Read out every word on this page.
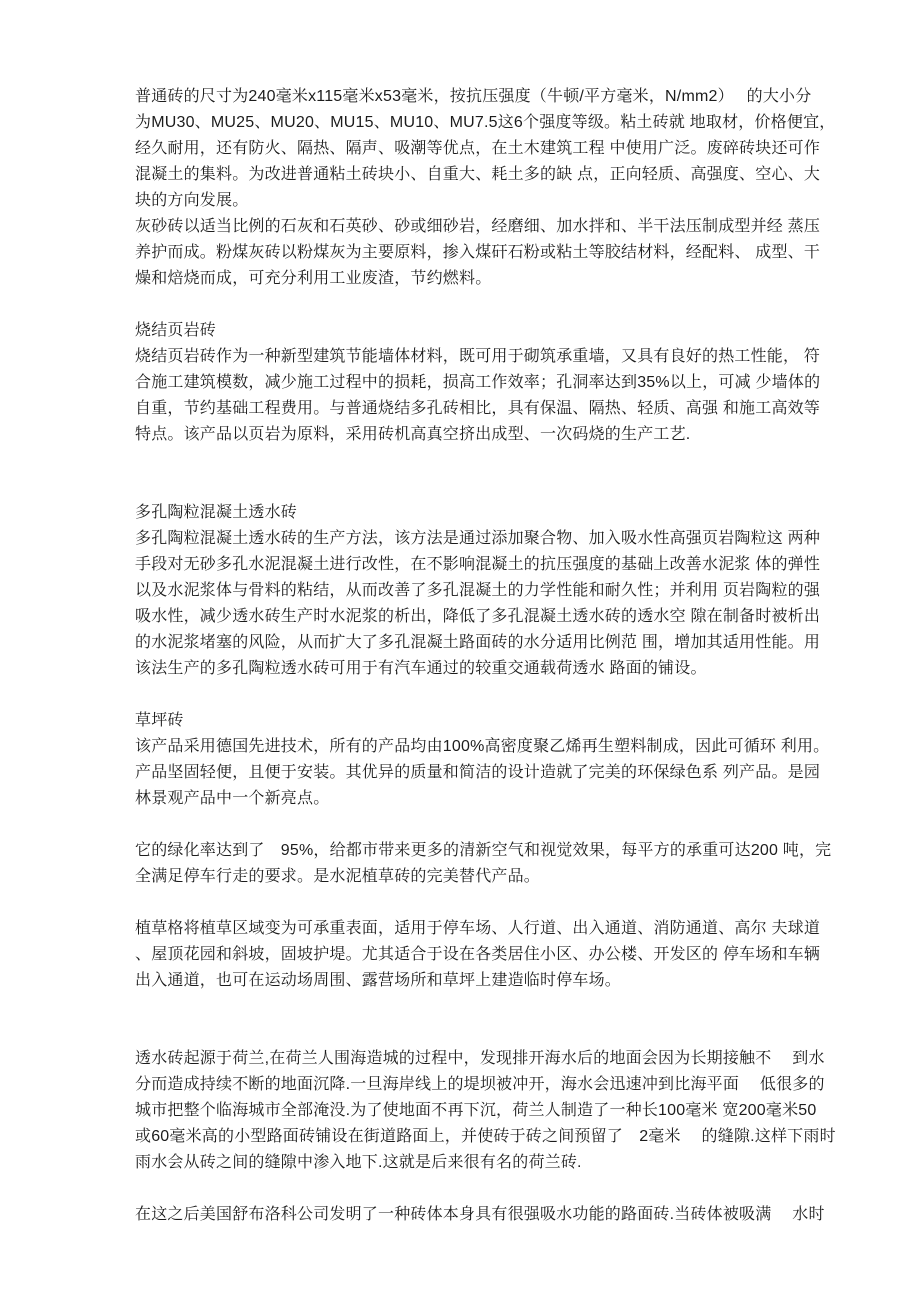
普通砖的尺寸为240毫米x115毫米x53毫米，按抗压强度（牛顿/平方毫米，N/mm2）　 的大小分
为MU30、MU25、MU20、MU15、MU10、MU7.5这6个强度等级。粘土砖就 地取材，价格便宜，
经久耐用，还有防火、隔热、隔声、吸潮等优点，在土木建筑工程 中使用广泛。废碎砖块还可作
混凝土的集料。为改进普通粘土砖块小、自重大、耗土多的缺 点，正向轻质、高强度、空心、大
块的方向发展。
灰砂砖以适当比例的石灰和石英砂、砂或细砂岩，经磨细、加水拌和、半干法压制成型并经 蒸压
养护而成。粉煤灰砖以粉煤灰为主要原料，掺入煤矸石粉或粘土等胶结材料，经配料、 成型、干
燥和焙烧而成，可充分利用工业废渣，节约燃料。
烧结页岩砖
烧结页岩砖作为一种新型建筑节能墙体材料，既可用于砌筑承重墙，又具有良好的热工性能， 符
合施工建筑模数，减少施工过程中的损耗，损高工作效率；孔洞率达到35%以上，可减 少墙体的
自重，节约基础工程费用。与普通烧结多孔砖相比，具有保温、隔热、轻质、高强 和施工高效等
特点。该产品以页岩为原料，采用砖机高真空挤出成型、一次码烧的生产工艺.
多孔陶粒混凝土透水砖
多孔陶粒混凝土透水砖的生产方法，该方法是通过添加聚合物、加入吸水性高强页岩陶粒这 两种
手段对无砂多孔水泥混凝土进行改性，在不影响混凝土的抗压强度的基础上改善水泥浆 体的弹性
以及水泥浆体与骨料的粘结，从而改善了多孔混凝土的力学性能和耐久性；并利用 页岩陶粒的强
吸水性，减少透水砖生产时水泥浆的析出，降低了多孔混凝土透水砖的透水空 隙在制备时被析出
的水泥浆堵塞的风险，从而扩大了多孔混凝土路面砖的水分适用比例范 围，增加其适用性能。用
该法生产的多孔陶粒透水砖可用于有汽车通过的较重交通载荷透水 路面的铺设。
草坪砖
该产品采用德国先进技术，所有的产品均由100%高密度聚乙烯再生塑料制成，因此可循环 利用。
产品坚固轻便，且便于安装。其优异的质量和简洁的设计造就了完美的环保绿色系 列产品。是园
林景观产品中一个新亮点。
它的绿化率达到了　95%，给都市带来更多的清新空气和视觉效果，每平方的承重可达200 吨，完
全满足停车行走的要求。是水泥植草砖的完美替代产品。
植草格将植草区域变为可承重表面，适用于停车场、人行道、出入通道、消防通道、高尔 夫球道
、屋顶花园和斜坡，固坡护堤。尤其适合于设在各类居住小区、办公楼、开发区的 停车场和车辆
出入通道，也可在运动场周围、露营场所和草坪上建造临时停车场。
透水砖起源于荷兰,在荷兰人围海造城的过程中，发现排开海水后的地面会因为长期接触不　 到水
分而造成持续不断的地面沉降.一旦海岸线上的堤坝被冲开，海水会迅速冲到比海平面　 低很多的
城市把整个临海城市全部淹没.为了使地面不再下沉，荷兰人制造了一种长100毫米 宽200毫米50
或60毫米高的小型路面砖铺设在街道路面上，并使砖于砖之间预留了　2毫米　 的缝隙.这样下雨时
雨水会从砖之间的缝隙中渗入地下.这就是后来很有名的荷兰砖.
在这之后美国舒布洛科公司发明了一种砖体本身具有很强吸水功能的路面砖.当砖体被吸满　 水时
